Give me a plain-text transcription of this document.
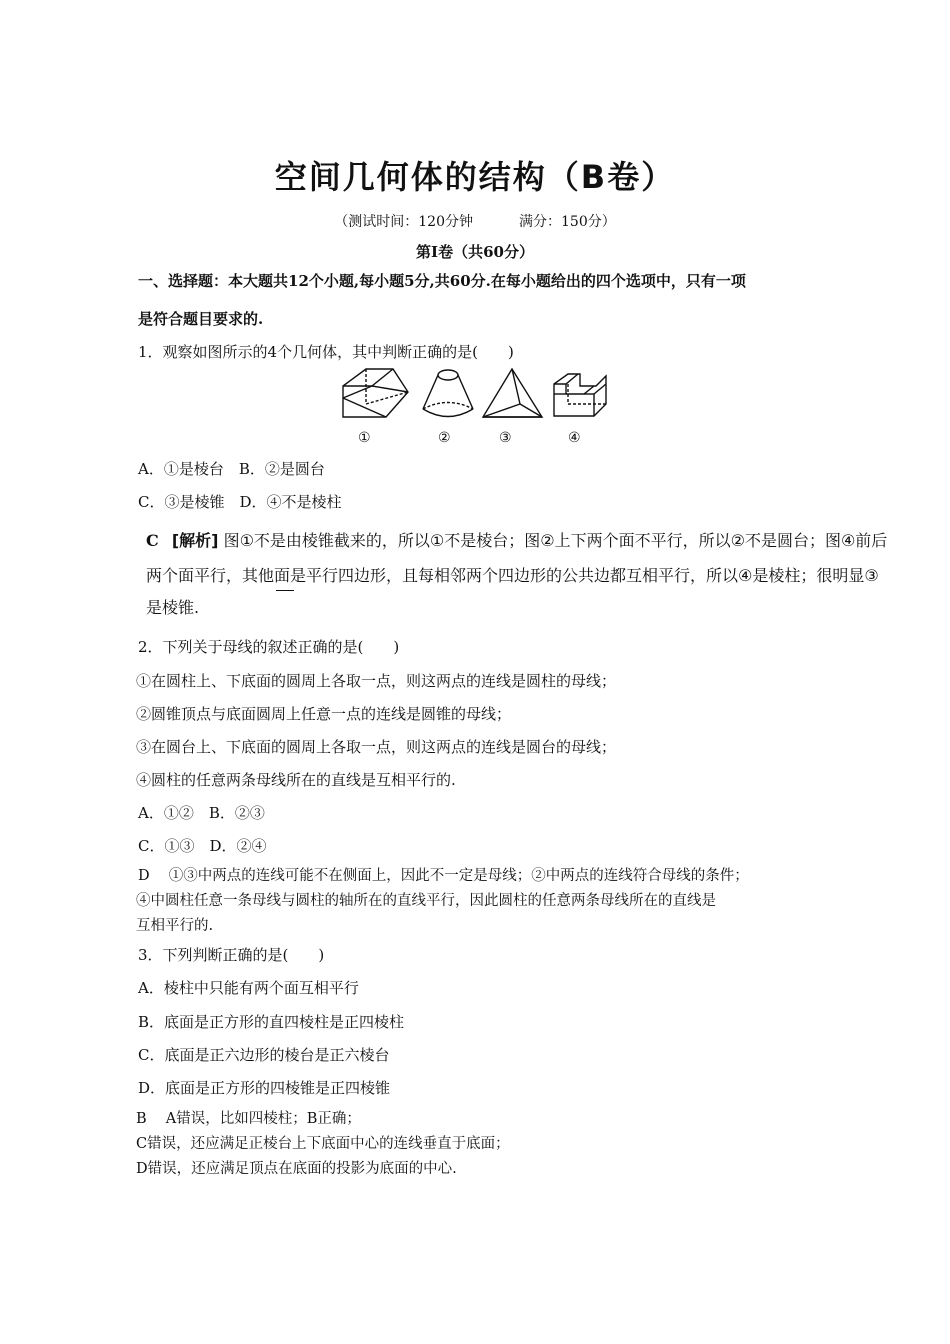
空间几何体的结构（B卷）
（测试时间：120分钟	满分：150分）
第Ⅰ卷（共60分）
一、选择题：本大题共12个小题,每小题5分,共60分.在每小题给出的四个选项中，只有一项
是符合题目要求的.
1．观察如图所示的4个几何体，其中判断正确的是(　　)
①	②	③	④
A．①是棱台　B．②是圆台
C．③是棱锥　D．④不是棱柱
C [解析] 图①不是由棱锥截来的，所以①不是棱台；图②上下两个面不平行，所以②不是圆台；图④前后
两个面平行，其他面是平行四边形，且每相邻两个四边形的公共边都互相平行，所以④是棱柱；很明显③
是棱锥.
2．下列关于母线的叙述正确的是(　　)
①在圆柱上、下底面的圆周上各取一点，则这两点的连线是圆柱的母线；
②圆锥顶点与底面圆周上任意一点的连线是圆锥的母线；
③在圆台上、下底面的圆周上各取一点，则这两点的连线是圆台的母线；
④圆柱的任意两条母线所在的直线是互相平行的.
A．①②　B．②③
C．①③　D．②④
D　 ①③中两点的连线可能不在侧面上，因此不一定是母线；②中两点的连线符合母线的条件；
④中圆柱任意一条母线与圆柱的轴所在的直线平行，因此圆柱的任意两条母线所在的直线是
互相平行的.
3．下列判断正确的是(　　)
A．棱柱中只能有两个面互相平行
B．底面是正方形的直四棱柱是正四棱柱
C．底面是正六边形的棱台是正六棱台
D．底面是正方形的四棱锥是正四棱锥
B　 A错误，比如四棱柱；B正确；
C错误，还应满足正棱台上下底面中心的连线垂直于底面；
D错误，还应满足顶点在底面的投影为底面的中心.
